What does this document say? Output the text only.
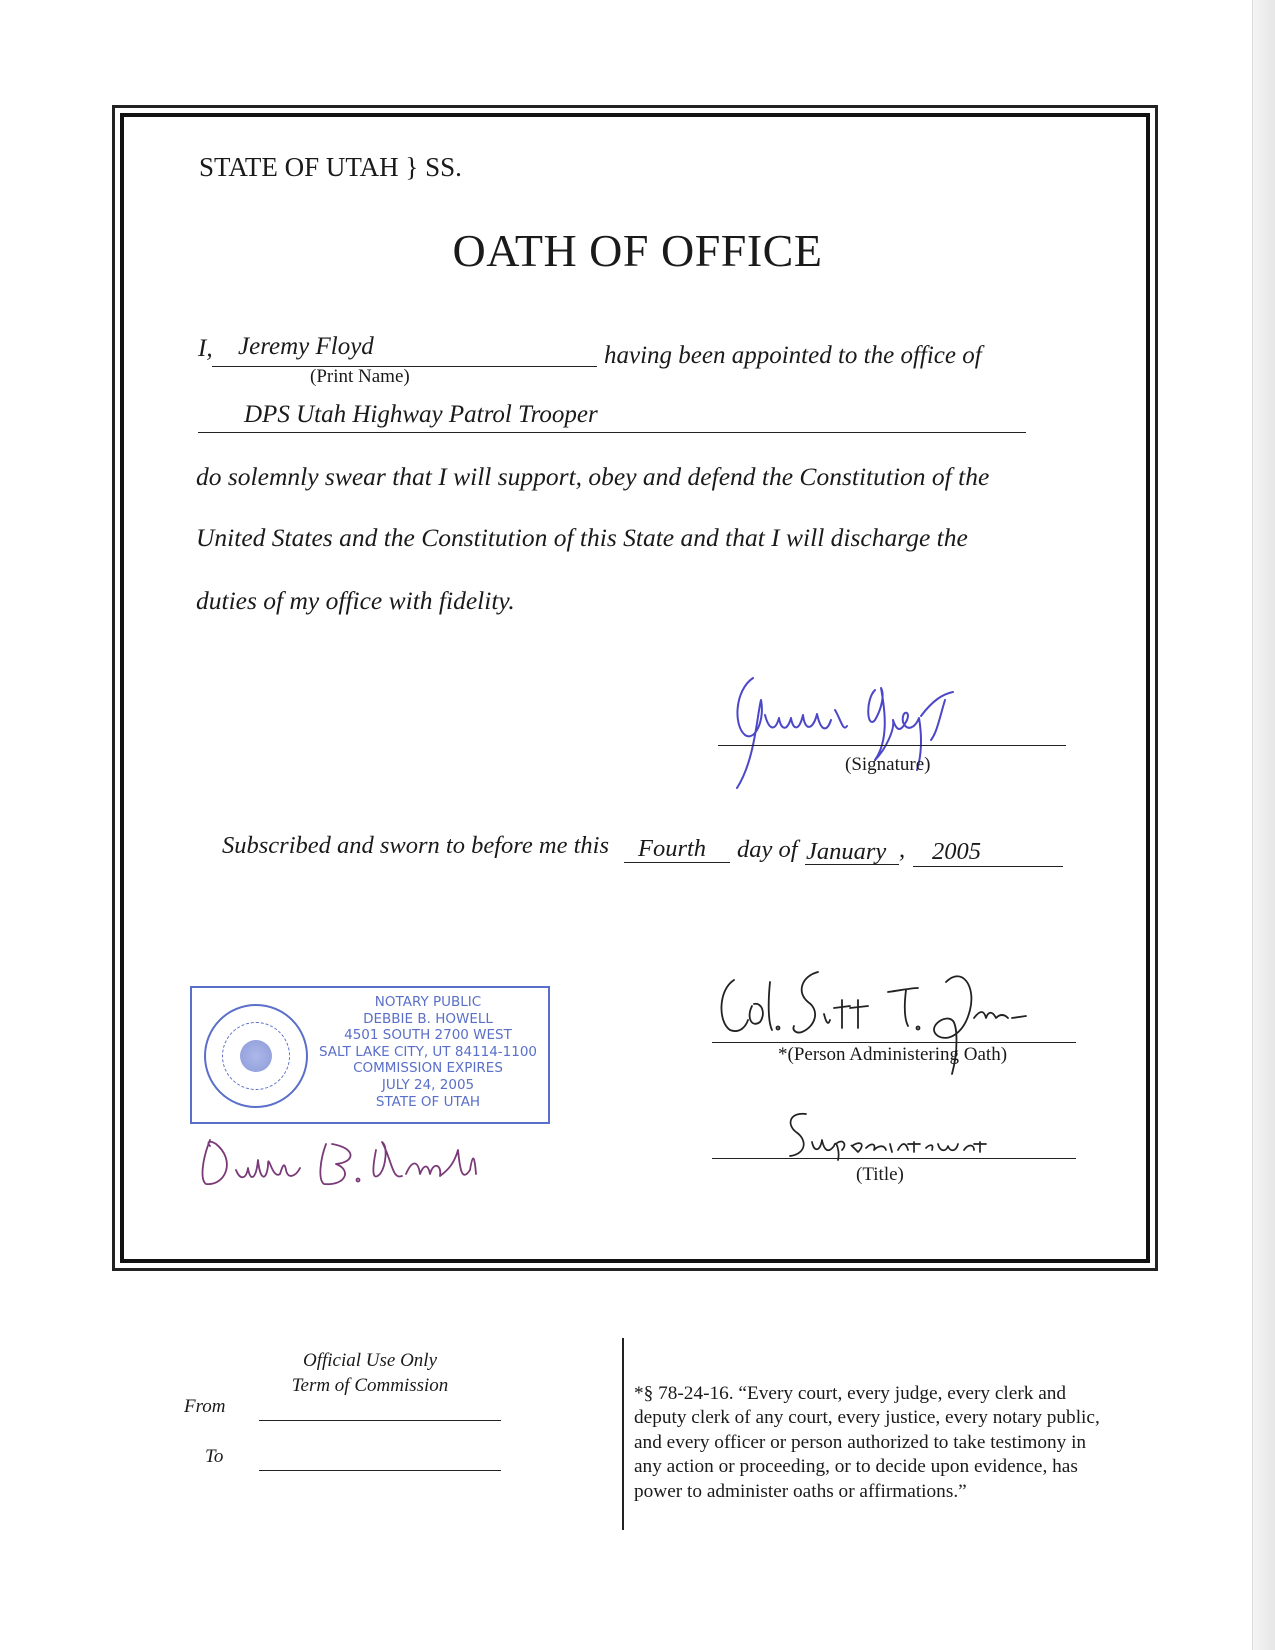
STATE OF UTAH } SS.
OATH OF OFFICE
I, Jeremy Floyd
(Print Name)
having been appointed to the office of
DPS Utah Highway Patrol Trooper
do solemnly swear that I will support, obey and defend the Constitution of the
United States and the Constitution of this State and that I will discharge the
duties of my office with fidelity.
(Signature)
Subscribed and sworn to before me this Fourth day of January , 2005
NOTARY PUBLIC
DEBBIE B. HOWELL
4501 SOUTH 2700 WEST
SALT LAKE CITY, UT 84114-1100
COMMISSION EXPIRES
JULY 24, 2005
STATE OF UTAH
*(Person Administering Oath)
(Title)
Official Use Only
Term of Commission
From
To
*§ 78-24-16. “Every court, every judge, every clerk and deputy clerk of any court, every justice, every notary public, and every officer or person authorized to take testimony in any action or proceeding, or to decide upon evidence, has power to administer oaths or affirmations.”
